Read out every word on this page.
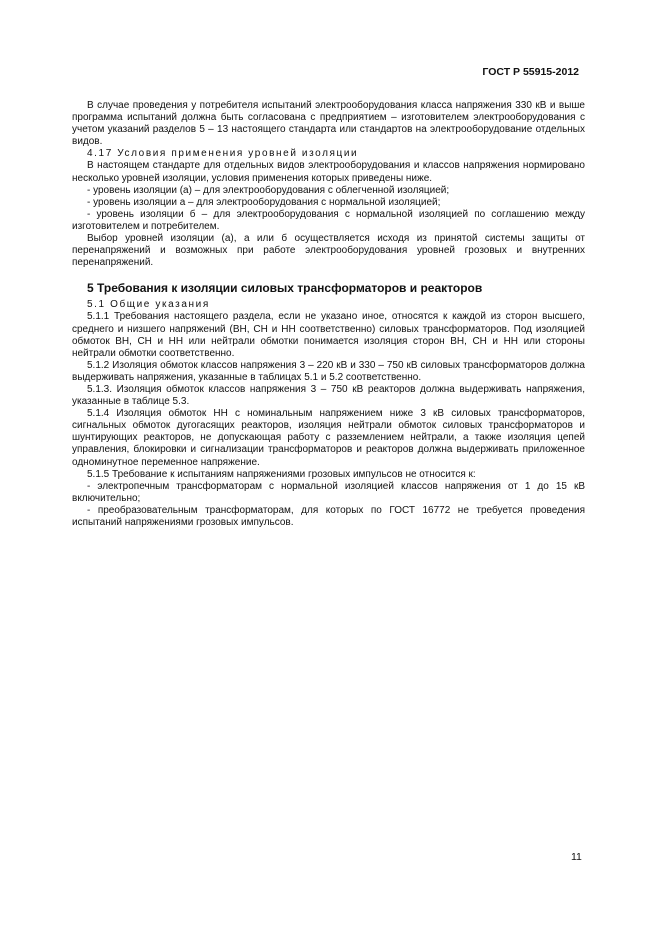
ГОСТ Р 55915-2012

В случае проведения у потребителя испытаний электрооборудования класса напряжения 330 кВ и выше программа испытаний должна быть согласована с предприятием – изготовителем электрооборудования с учетом указаний разделов 5 – 13 настоящего стандарта или стандартов на электрооборудование отдельных видов.

4.17 Условия применения уровней изоляции

В настоящем стандарте для отдельных видов электрооборудования и классов напряжения нормировано несколько уровней изоляции, условия применения которых приведены ниже.

- уровень изоляции (а) – для электрооборудования с облегченной изоляцией;

- уровень изоляции а – для электрооборудования с нормальной изоляцией;

- уровень изоляции б – для электрооборудования с нормальной изоляцией по соглашению между изготовителем и потребителем.

Выбор уровней изоляции (а), а или б осуществляется исходя из принятой системы защиты от перенапряжений и возможных при работе электрооборудования уровней грозовых и внутренних перенапряжений.

5 Требования к изоляции силовых трансформаторов и реакторов

5.1 Общие указания

5.1.1 Требования настоящего раздела, если не указано иное, относятся к каждой из сторон высшего, среднего и низшего напряжений (ВН, СН и НН соответственно) силовых трансформаторов. Под изоляцией обмоток ВН, СН и НН или нейтрали обмотки понимается изоляция сторон ВН, СН и НН или стороны нейтрали обмотки соответственно.

5.1.2 Изоляция обмоток классов напряжения 3 – 220 кВ и 330 – 750 кВ силовых трансформаторов должна выдерживать напряжения, указанные в таблицах 5.1 и 5.2 соответственно.

5.1.3. Изоляция обмоток классов напряжения 3 – 750 кВ реакторов должна выдерживать напряжения, указанные в таблице 5.3.

5.1.4 Изоляция обмоток НН с номинальным напряжением ниже 3 кВ силовых трансформаторов, сигнальных обмоток дугогасящих реакторов, изоляция нейтрали обмоток силовых трансформаторов и шунтирующих реакторов, не допускающая работу с разземлением нейтрали, а также изоляция цепей управления, блокировки и сигнализации трансформаторов и реакторов должна выдерживать приложенное одноминутное переменное напряжение.

5.1.5 Требование к испытаниям напряжениями грозовых импульсов не относится к:

- электропечным трансформаторам с нормальной изоляцией классов напряжения от 1 до 15 кВ включительно;

- преобразовательным трансформаторам, для которых по ГОСТ 16772 не требуется проведения испытаний напряжениями грозовых импульсов.

11
